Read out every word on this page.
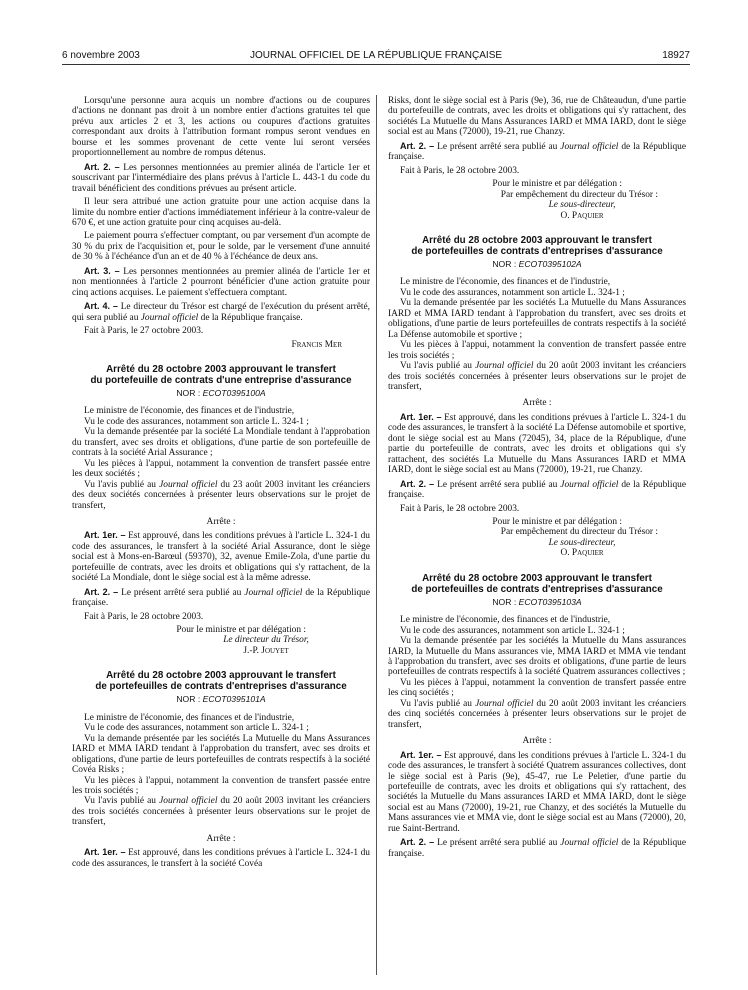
6 novembre 2003	JOURNAL OFFICIEL DE LA RÉPUBLIQUE FRANÇAISE	18927

Lorsqu'une personne aura acquis un nombre d'actions ou de coupures d'actions ne donnant pas droit à un nombre entier d'actions gratuites tel que prévu aux articles 2 et 3, les actions ou coupures d'actions gratuites correspondant aux droits à l'attribution formant rompus seront vendues en bourse et les sommes provenant de cette vente lui seront versées proportionnellement au nombre de rompus détenus.

Art. 2. – Les personnes mentionnées au premier alinéa de l'article 1er et souscrivant par l'intermédiaire des plans prévus à l'article L. 443-1 du code du travail bénéficient des conditions prévues au présent article.

Il leur sera attribué une action gratuite pour une action acquise dans la limite du nombre entier d'actions immédiatement inférieur à la contre-valeur de 670 €, et une action gratuite pour cinq acquises au-delà.

Le paiement pourra s'effectuer comptant, ou par versement d'un acompte de 30 % du prix de l'acquisition et, pour le solde, par le versement d'une annuité de 30 % à l'échéance d'un an et de 40 % à l'échéance de deux ans.

Art. 3. – Les personnes mentionnées au premier alinéa de l'article 1er et non mentionnées à l'article 2 pourront bénéficier d'une action gratuite pour cinq actions acquises. Le paiement s'effectuera comptant.

Art. 4. – Le directeur du Trésor est chargé de l'exécution du présent arrêté, qui sera publié au Journal officiel de la République française.

Fait à Paris, le 27 octobre 2003.

Francis Mer

Arrêté du 28 octobre 2003 approuvant le transfert
du portefeuille de contrats d'une entreprise d'assurance
NOR : ECOT0395100A

Le ministre de l'économie, des finances et de l'industrie,

Vu le code des assurances, notamment son article L. 324-1 ;

Vu la demande présentée par la société La Mondiale tendant à l'approbation du transfert, avec ses droits et obligations, d'une partie de son portefeuille de contrats à la société Arial Assurance ;

Vu les pièces à l'appui, notamment la convention de transfert passée entre les deux sociétés ;

Vu l'avis publié au Journal officiel du 23 août 2003 invitant les créanciers des deux sociétés concernées à présenter leurs observations sur le projet de transfert,

Arrête :

Art. 1er. – Est approuvé, dans les conditions prévues à l'article L. 324-1 du code des assurances, le transfert à la société Arial Assurance, dont le siège social est à Mons-en-Barœul (59370), 32, avenue Emile-Zola, d'une partie du portefeuille de contrats, avec les droits et obligations qui s'y rattachent, de la société La Mondiale, dont le siège social est à la même adresse.

Art. 2. – Le présent arrêté sera publié au Journal officiel de la République française.

Fait à Paris, le 28 octobre 2003.

Pour le ministre et par délégation :

Le directeur du Trésor,

J.-P. Jouyet

Arrêté du 28 octobre 2003 approuvant le transfert
de portefeuilles de contrats d'entreprises d'assurance
NOR : ECOT0395101A

Le ministre de l'économie, des finances et de l'industrie,

Vu le code des assurances, notamment son article L. 324-1 ;

Vu la demande présentée par les sociétés La Mutuelle du Mans Assurances IARD et MMA IARD tendant à l'approbation du transfert, avec ses droits et obligations, d'une partie de leurs portefeuilles de contrats respectifs à la société Covéa Risks ;

Vu les pièces à l'appui, notamment la convention de transfert passée entre les trois sociétés ;

Vu l'avis publié au Journal officiel du 20 août 2003 invitant les créanciers des trois sociétés concernées à présenter leurs observations sur le projet de transfert,

Arrête :

Art. 1er. – Est approuvé, dans les conditions prévues à l'article L. 324-1 du code des assurances, le transfert à la société Covéa

Risks, dont le siège social est à Paris (9e), 36, rue de Châteaudun, d'une partie du portefeuille de contrats, avec les droits et obligations qui s'y rattachent, des sociétés La Mutuelle du Mans Assurances IARD et MMA IARD, dont le siège social est au Mans (72000), 19-21, rue Chanzy.

Art. 2. – Le présent arrêté sera publié au Journal officiel de la République française.

Fait à Paris, le 28 octobre 2003.

Pour le ministre et par délégation :

Par empêchement du directeur du Trésor :

Le sous-directeur,

O. Paquier

Arrêté du 28 octobre 2003 approuvant le transfert
de portefeuilles de contrats d'entreprises d'assurance
NOR : ECOT0395102A

Le ministre de l'économie, des finances et de l'industrie,

Vu le code des assurances, notamment son article L. 324-1 ;

Vu la demande présentée par les sociétés La Mutuelle du Mans Assurances IARD et MMA IARD tendant à l'approbation du transfert, avec ses droits et obligations, d'une partie de leurs portefeuilles de contrats respectifs à la société La Défense automobile et sportive ;

Vu les pièces à l'appui, notamment la convention de transfert passée entre les trois sociétés ;

Vu l'avis publié au Journal officiel du 20 août 2003 invitant les créanciers des trois sociétés concernées à présenter leurs observations sur le projet de transfert,

Arrête :

Art. 1er. – Est approuvé, dans les conditions prévues à l'article L. 324-1 du code des assurances, le transfert à la société La Défense automobile et sportive, dont le siège social est au Mans (72045), 34, place de la République, d'une partie du portefeuille de contrats, avec les droits et obligations qui s'y rattachent, des sociétés La Mutuelle du Mans Assurances IARD et MMA IARD, dont le siège social est au Mans (72000), 19-21, rue Chanzy.

Art. 2. – Le présent arrêté sera publié au Journal officiel de la République française.

Fait à Paris, le 28 octobre 2003.

Pour le ministre et par délégation :

Par empêchement du directeur du Trésor :

Le sous-directeur,

O. Paquier

Arrêté du 28 octobre 2003 approuvant le transfert
de portefeuilles de contrats d'entreprises d'assurance
NOR : ECOT0395103A

Le ministre de l'économie, des finances et de l'industrie,

Vu le code des assurances, notamment son article L. 324-1 ;

Vu la demande présentée par les sociétés la Mutuelle du Mans assurances IARD, la Mutuelle du Mans assurances vie, MMA IARD et MMA vie tendant à l'approbation du transfert, avec ses droits et obligations, d'une partie de leurs portefeuilles de contrats respectifs à la société Quatrem assurances collectives ;

Vu les pièces à l'appui, notamment la convention de transfert passée entre les cinq sociétés ;

Vu l'avis publié au Journal officiel du 20 août 2003 invitant les créanciers des cinq sociétés concernées à présenter leurs observations sur le projet de transfert,

Arrête :

Art. 1er. – Est approuvé, dans les conditions prévues à l'article L. 324-1 du code des assurances, le transfert à société Quatrem assurances collectives, dont le siège social est à Paris (9e), 45-47, rue Le Peletier, d'une partie du portefeuille de contrats, avec les droits et obligations qui s'y rattachent, des sociétés la Mutuelle du Mans assurances IARD et MMA IARD, dont le siège social est au Mans (72000), 19-21, rue Chanzy, et des sociétés la Mutuelle du Mans assurances vie et MMA vie, dont le siège social est au Mans (72000), 20, rue Saint-Bertrand.

Art. 2. – Le présent arrêté sera publié au Journal officiel de la République française.
